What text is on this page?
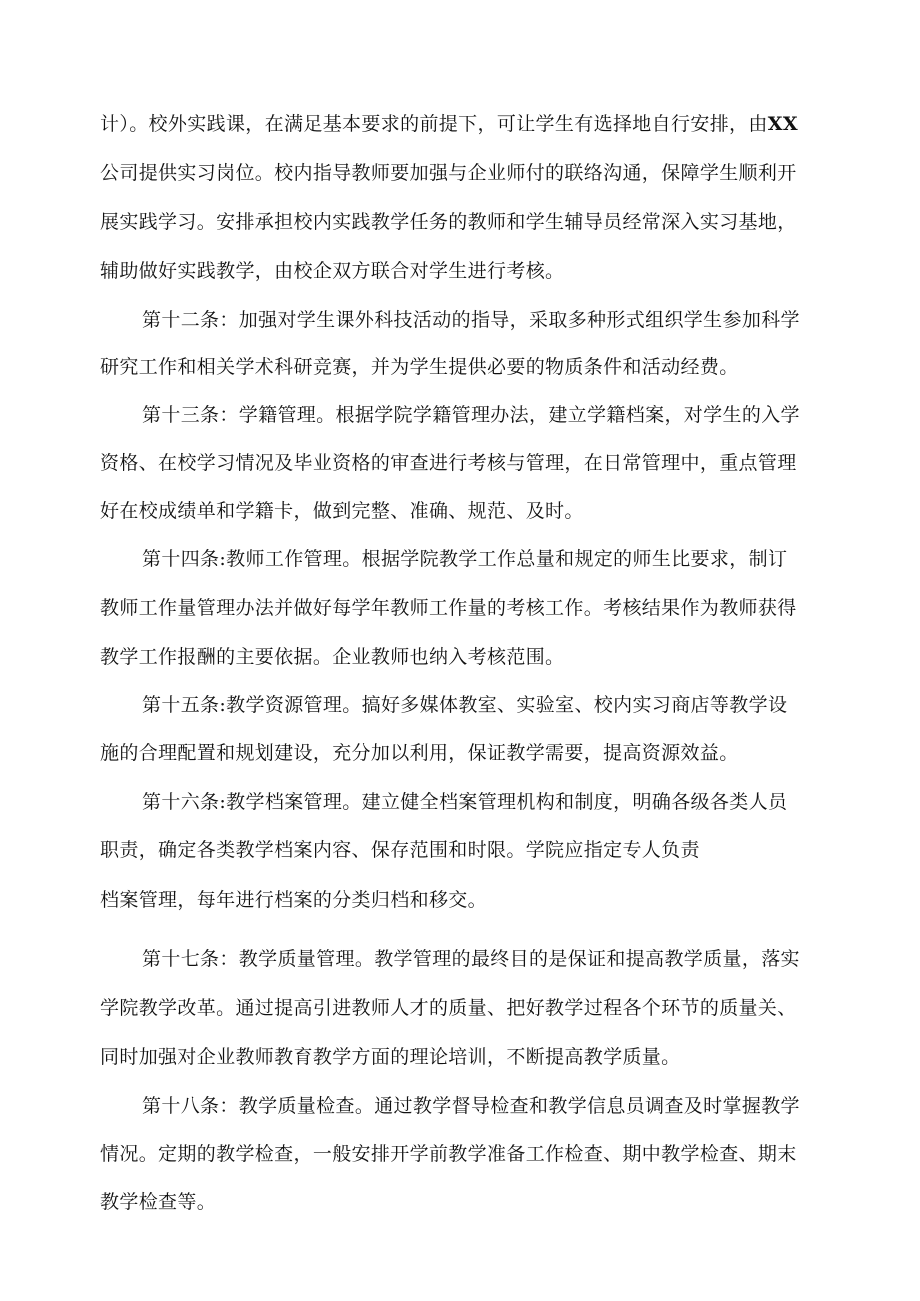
计）。校外实践课，在满足基本要求的前提下，可让学生有选择地自行安排，由XX
公司提供实习岗位。校内指导教师要加强与企业师付的联络沟通，保障学生顺利开
展实践学习。安排承担校内实践教学任务的教师和学生辅导员经常深入实习基地，
辅助做好实践教学，由校企双方联合对学生进行考核。
第十二条：加强对学生课外科技活动的指导，采取多种形式组织学生参加科学
研究工作和相关学术科研竞赛，并为学生提供必要的物质条件和活动经费。
第十三条：学籍管理。根据学院学籍管理办法，建立学籍档案，对学生的入学
资格、在校学习情况及毕业资格的审查进行考核与管理，在日常管理中，重点管理
好在校成绩单和学籍卡，做到完整、准确、规范、及时。
第十四条:教师工作管理。根据学院教学工作总量和规定的师生比要求，制订
教师工作量管理办法并做好每学年教师工作量的考核工作。考核结果作为教师获得
教学工作报酬的主要依据。企业教师也纳入考核范围。
第十五条:教学资源管理。搞好多媒体教室、实验室、校内实习商店等教学设
施的合理配置和规划建设，充分加以利用，保证教学需要，提高资源效益。
第十六条:教学档案管理。建立健全档案管理机构和制度，明确各级各类人员
职责，确定各类教学档案内容、保存范围和时限。学院应指定专人负责
档案管理，每年进行档案的分类归档和移交。
第十七条：教学质量管理。教学管理的最终目的是保证和提高教学质量，落实
学院教学改革。通过提高引进教师人才的质量、把好教学过程各个环节的质量关、
同时加强对企业教师教育教学方面的理论培训，不断提高教学质量。
第十八条：教学质量检查。通过教学督导检查和教学信息员调查及时掌握教学
情况。定期的教学检查，一般安排开学前教学准备工作检查、期中教学检查、期末
教学检查等。
